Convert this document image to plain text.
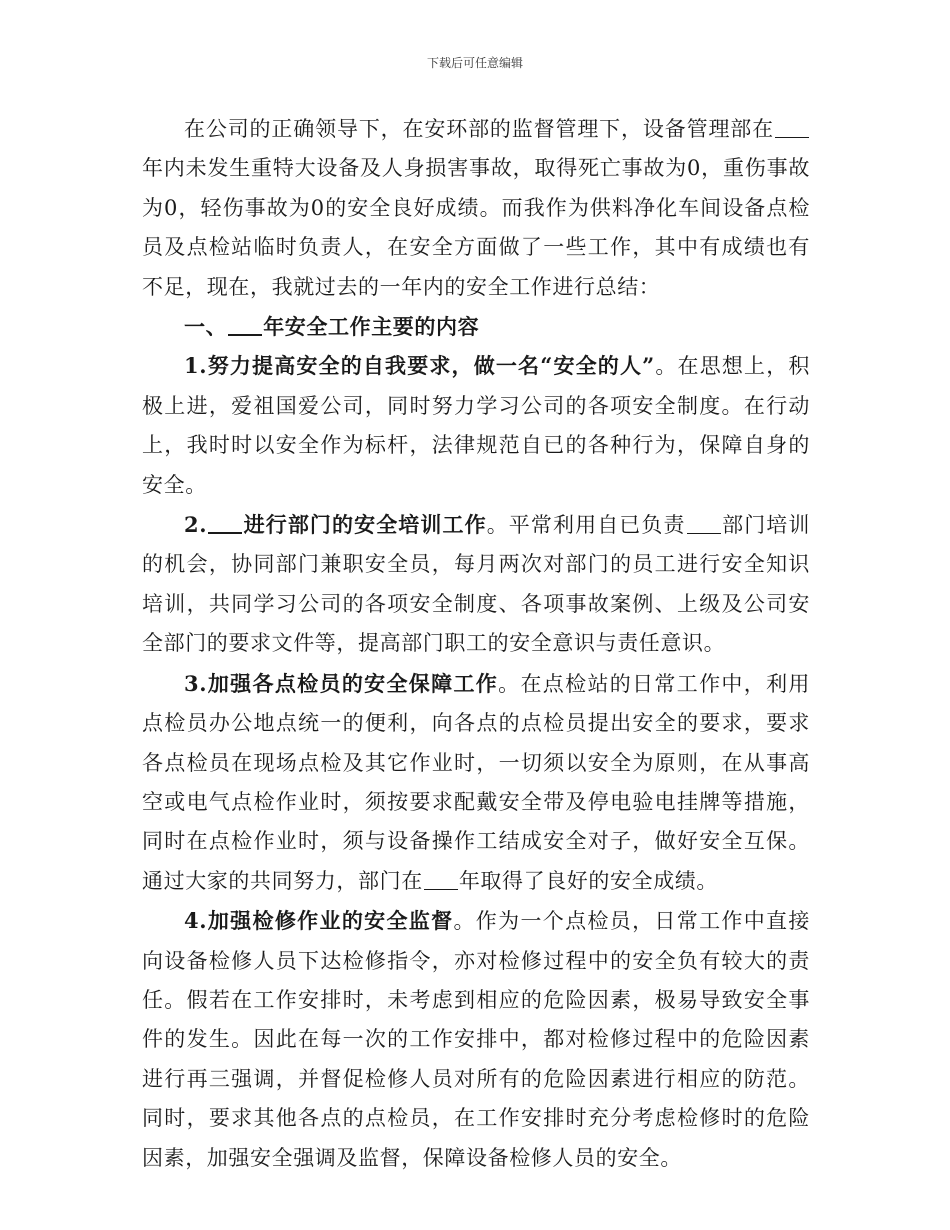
下载后可任意编辑

在公司的正确领导下，在安环部的监督管理下，设备管理部在年内未发生重特大设备及人身损害事故，取得死亡事故为0，重伤事故为0，轻伤事故为0的安全良好成绩。而我作为供料净化车间设备点检员及点检站临时负责人，在安全方面做了一些工作，其中有成绩也有不足，现在，我就过去的一年内的安全工作进行总结：

一、 年安全工作主要的内容

1.努力提高安全的自我要求，做一名“安全的人”。在思想上，积极上进，爱祖国爱公司，同时努力学习公司的各项安全制度。在行动上，我时时以安全作为标杆，法律规范自已的各种行为，保障自身的安全。

2. 进行部门的安全培训工作。平常利用自已负责 部门培训的机会，协同部门兼职安全员，每月两次对部门的员工进行安全知识培训，共同学习公司的各项安全制度、各项事故案例、上级及公司安全部门的要求文件等，提高部门职工的安全意识与责任意识。

3.加强各点检员的安全保障工作。在点检站的日常工作中，利用点检员办公地点统一的便利，向各点的点检员提出安全的要求，要求各点检员在现场点检及其它作业时，一切须以安全为原则，在从事高空或电气点检作业时，须按要求配戴安全带及停电验电挂牌等措施，同时在点检作业时，须与设备操作工结成安全对子，做好安全互保。通过大家的共同努力，部门在 年取得了良好的安全成绩。

4.加强检修作业的安全监督。作为一个点检员，日常工作中直接向设备检修人员下达检修指令，亦对检修过程中的安全负有较大的责任。假若在工作安排时，未考虑到相应的危险因素，极易导致安全事件的发生。因此在每一次的工作安排中，都对检修过程中的危险因素进行再三强调，并督促检修人员对所有的危险因素进行相应的防范。同时，要求其他各点的点检员，在工作安排时充分考虑检修时的危险因素，加强安全强调及监督，保障设备检修人员的安全。
